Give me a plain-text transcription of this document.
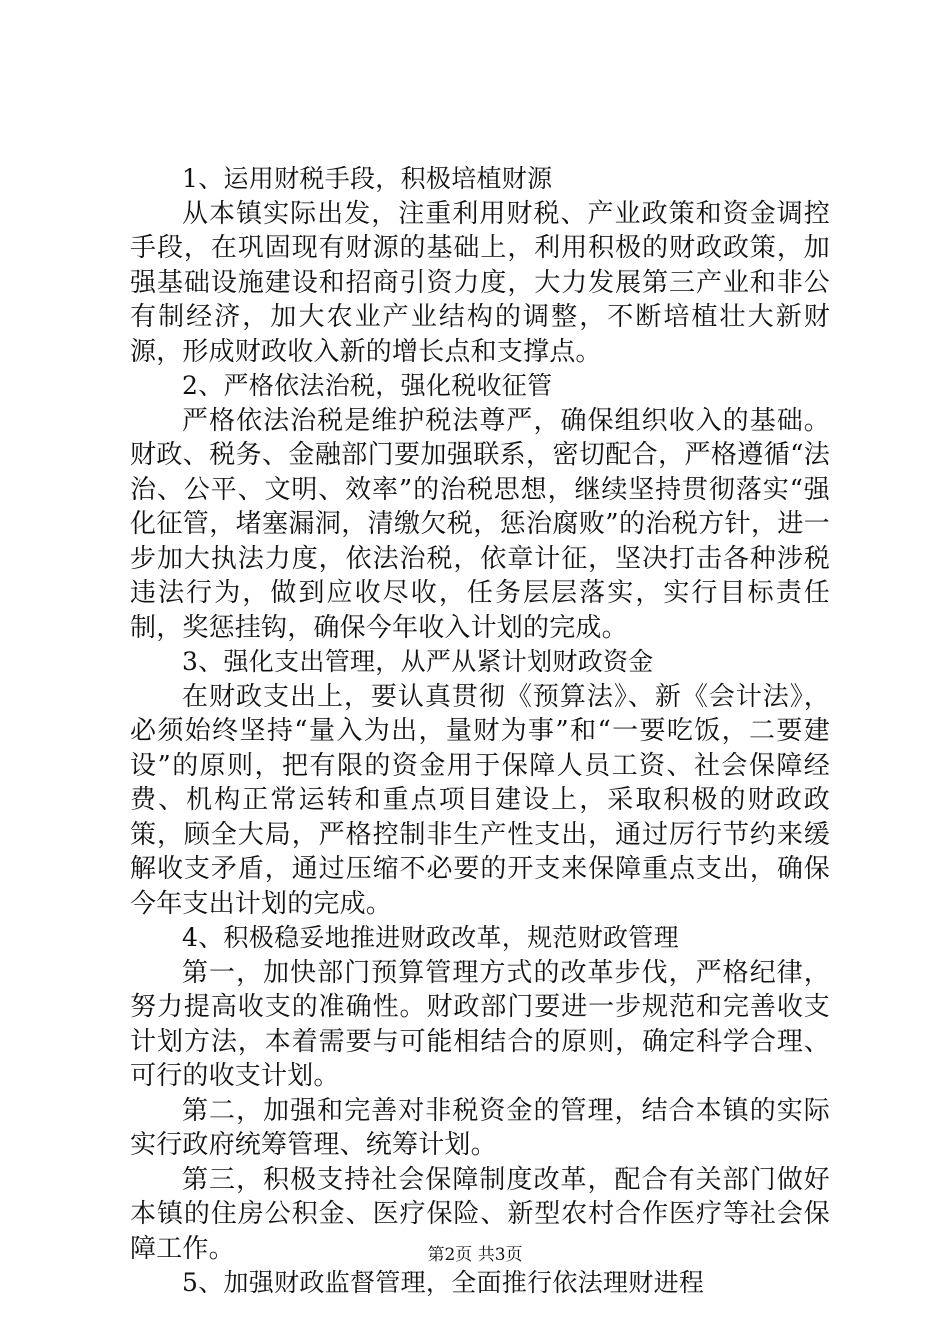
1、运用财税手段，积极培植财源

从本镇实际出发，注重利用财税、产业政策和资金调控手段，在巩固现有财源的基础上，利用积极的财政政策，加强基础设施建设和招商引资力度，大力发展第三产业和非公有制经济，加大农业产业结构的调整，不断培植壮大新财源，形成财政收入新的增长点和支撑点。

2、严格依法治税，强化税收征管

严格依法治税是维护税法尊严，确保组织收入的基础。财政、税务、金融部门要加强联系，密切配合，严格遵循“法治、公平、文明、效率”的治税思想，继续坚持贯彻落实“强化征管，堵塞漏洞，清缴欠税，惩治腐败”的治税方针，进一步加大执法力度，依法治税，依章计征，坚决打击各种涉税违法行为，做到应收尽收，任务层层落实，实行目标责任制，奖惩挂钩，确保今年收入计划的完成。

3、强化支出管理，从严从紧计划财政资金

在财政支出上，要认真贯彻《预算法》、新《会计法》，必须始终坚持“量入为出，量财为事”和“一要吃饭，二要建设”的原则，把有限的资金用于保障人员工资、社会保障经费、机构正常运转和重点项目建设上，采取积极的财政政策，顾全大局，严格控制非生产性支出，通过厉行节约来缓解收支矛盾，通过压缩不必要的开支来保障重点支出，确保今年支出计划的完成。

4、积极稳妥地推进财政改革，规范财政管理

第一，加快部门预算管理方式的改革步伐，严格纪律，努力提高收支的准确性。财政部门要进一步规范和完善收支计划方法，本着需要与可能相结合的原则，确定科学合理、可行的收支计划。

第二，加强和完善对非税资金的管理，结合本镇的实际实行政府统筹管理、统筹计划。

第三，积极支持社会保障制度改革，配合有关部门做好本镇的住房公积金、医疗保险、新型农村合作医疗等社会保障工作。

5、加强财政监督管理，全面推行依法理财进程

第2页 共3页
